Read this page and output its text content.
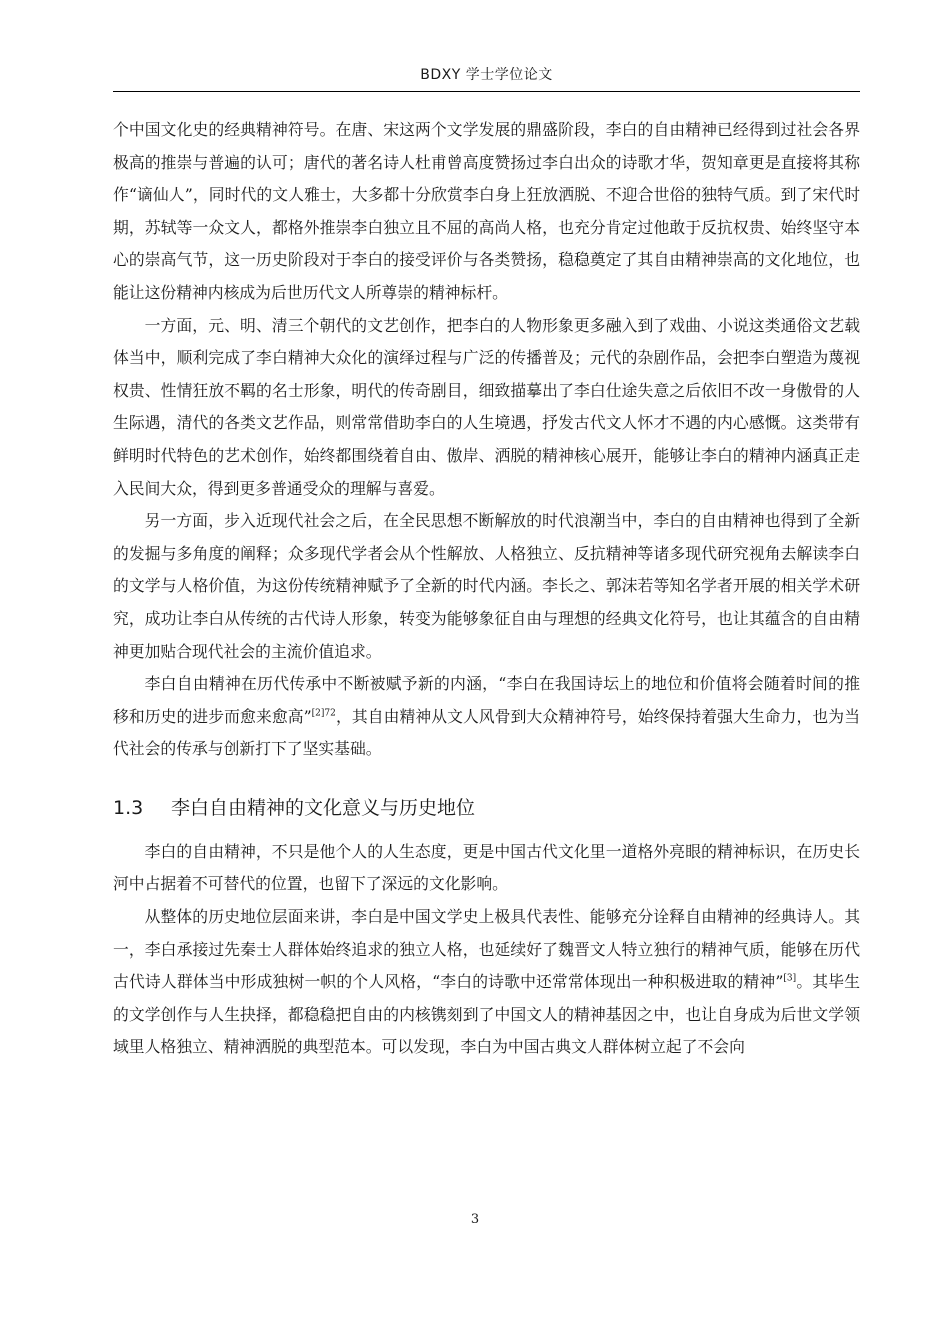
BDXY 学士学位论文

个中国文化史的经典精神符号。在唐、宋这两个文学发展的鼎盛阶段，李白的自由精神已经得到过社会各界极高的推崇与普遍的认可；唐代的著名诗人杜甫曾高度赞扬过李白出众的诗歌才华，贺知章更是直接将其称作“谪仙人”，同时代的文人雅士，大多都十分欣赏李白身上狂放洒脱、不迎合世俗的独特气质。到了宋代时期，苏轼等一众文人，都格外推崇李白独立且不屈的高尚人格，也充分肯定过他敢于反抗权贵、始终坚守本心的崇高气节，这一历史阶段对于李白的接受评价与各类赞扬，稳稳奠定了其自由精神崇高的文化地位，也能让这份精神内核成为后世历代文人所尊崇的精神标杆。

一方面，元、明、清三个朝代的文艺创作，把李白的人物形象更多融入到了戏曲、小说这类通俗文艺载体当中，顺利完成了李白精神大众化的演绎过程与广泛的传播普及；元代的杂剧作品，会把李白塑造为蔑视权贵、性情狂放不羁的名士形象，明代的传奇剧目，细致描摹出了李白仕途失意之后依旧不改一身傲骨的人生际遇，清代的各类文艺作品，则常常借助李白的人生境遇，抒发古代文人怀才不遇的内心感慨。这类带有鲜明时代特色的艺术创作，始终都围绕着自由、傲岸、洒脱的精神核心展开，能够让李白的精神内涵真正走入民间大众，得到更多普通受众的理解与喜爱。

另一方面，步入近现代社会之后，在全民思想不断解放的时代浪潮当中，李白的自由精神也得到了全新的发掘与多角度的阐释；众多现代学者会从个性解放、人格独立、反抗精神等诸多现代研究视角去解读李白的文学与人格价值，为这份传统精神赋予了全新的时代内涵。李长之、郭沫若等知名学者开展的相关学术研究，成功让李白从传统的古代诗人形象，转变为能够象征自由与理想的经典文化符号，也让其蕴含的自由精神更加贴合现代社会的主流价值追求。

李白自由精神在历代传承中不断被赋予新的内涵，“李白在我国诗坛上的地位和价值将会随着时间的推移和历史的进步而愈来愈高”$^{[2]72}$，其自由精神从文人风骨到大众精神符号，始终保持着强大生命力，也为当代社会的传承与创新打下了坚实基础。

1.3 李白自由精神的文化意义与历史地位

李白的自由精神，不只是他个人的人生态度，更是中国古代文化里一道格外亮眼的精神标识，在历史长河中占据着不可替代的位置，也留下了深远的文化影响。

从整体的历史地位层面来讲，李白是中国文学史上极具代表性、能够充分诠释自由精神的经典诗人。其一，李白承接过先秦士人群体始终追求的独立人格，也延续好了魏晋文人特立独行的精神气质，能够在历代古代诗人群体当中形成独树一帜的个人风格，“李白的诗歌中还常常体现出一种积极进取的精神”[3]。其毕生的文学创作与人生抉择，都稳稳把自由的内核镌刻到了中国文人的精神基因之中，也让自身成为后世文学领域里人格独立、精神洒脱的典型范本。可以发现，李白为中国古典文人群体树立起了不会向

3
